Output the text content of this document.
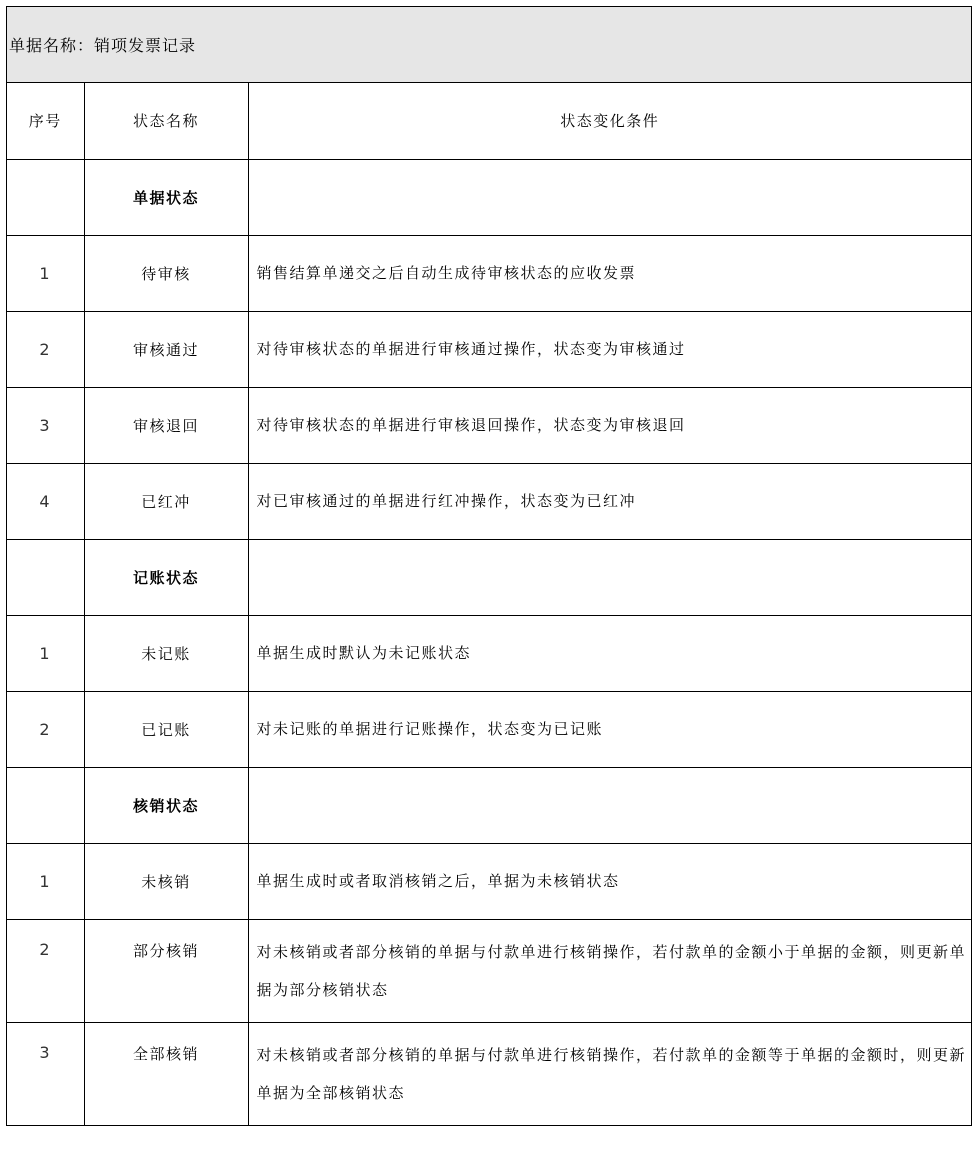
单据名称：销项发票记录
序号	状态名称	状态变化条件
	单据状态	
1	待审核	销售结算单递交之后自动生成待审核状态的应收发票
2	审核通过	对待审核状态的单据进行审核通过操作，状态变为审核通过
3	审核退回	对待审核状态的单据进行审核退回操作，状态变为审核退回
4	已红冲	对已审核通过的单据进行红冲操作，状态变为已红冲
	记账状态	
1	未记账	单据生成时默认为未记账状态
2	已记账	对未记账的单据进行记账操作，状态变为已记账
	核销状态	
1	未核销	单据生成时或者取消核销之后，单据为未核销状态
2	部分核销	对未核销或者部分核销的单据与付款单进行核销操作，若付款单的金额小于单据的金额，则更新单据为部分核销状态
3	全部核销	对未核销或者部分核销的单据与付款单进行核销操作，若付款单的金额等于单据的金额时，则更新单据为全部核销状态
